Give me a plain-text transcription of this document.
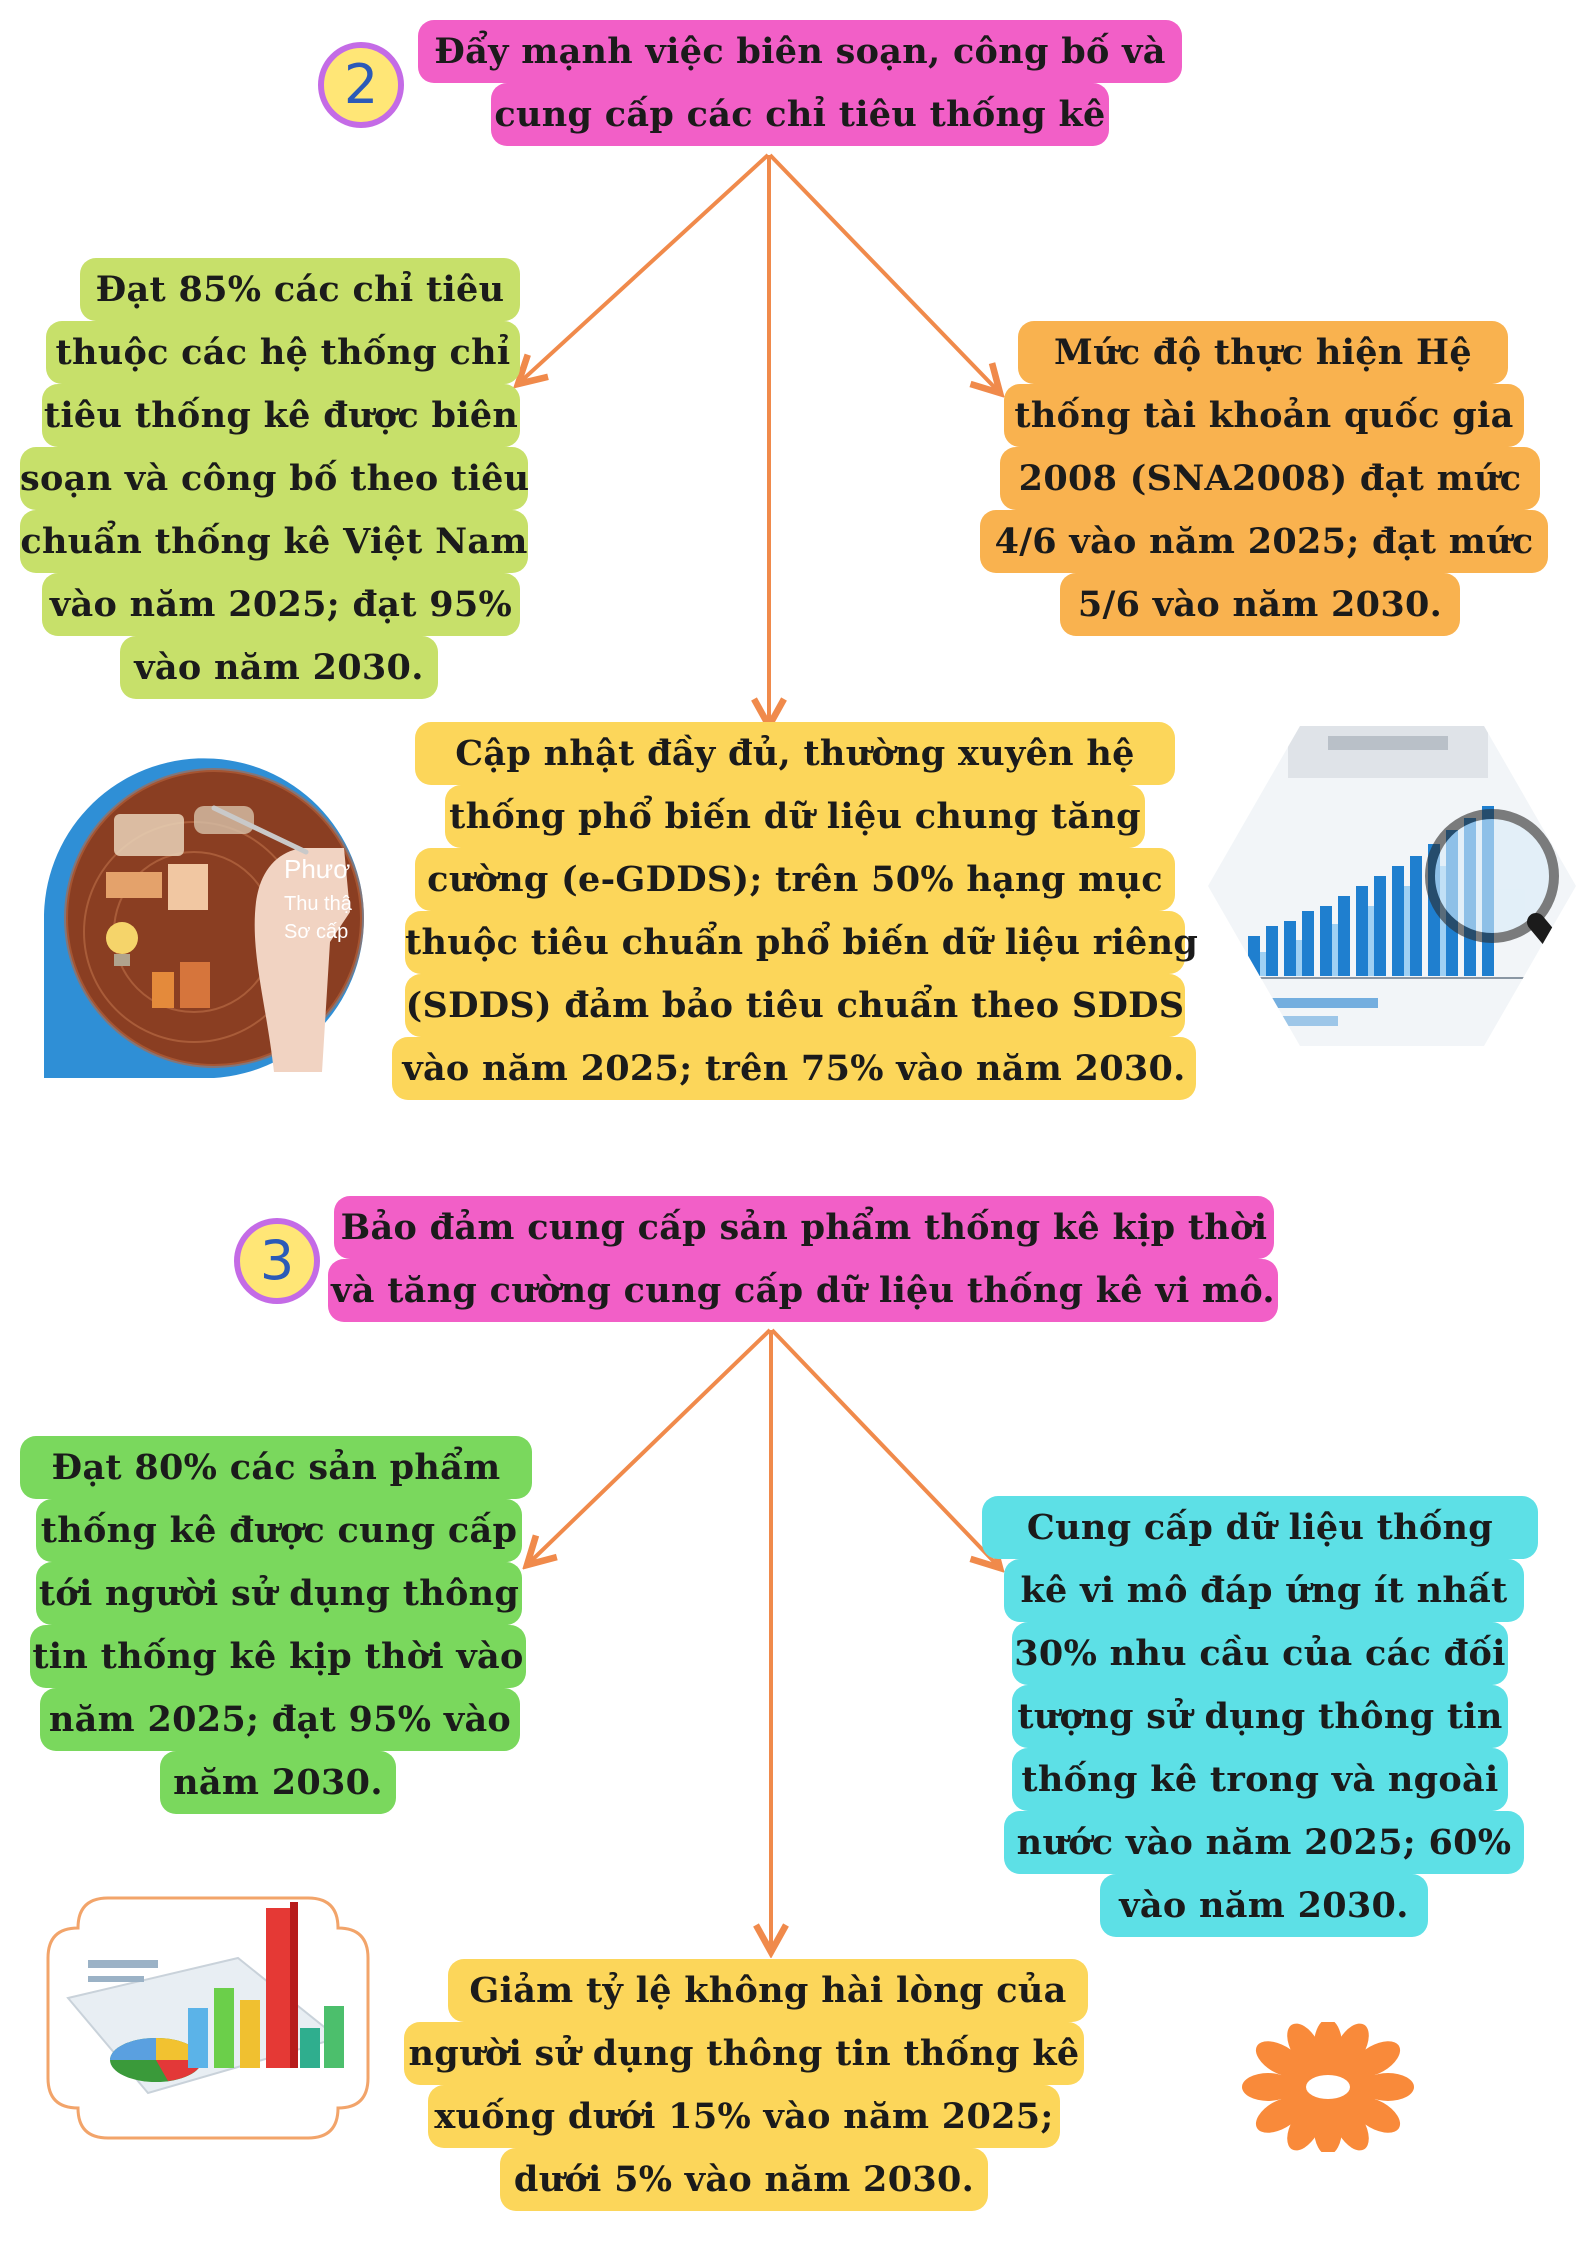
2
Đẩy mạnh việc biên soạn, công bố và
cung cấp các chỉ tiêu thống kê
Đạt 85% các chỉ tiêu
thuộc các hệ thống chỉ
tiêu thống kê được biên
soạn và công bố theo tiêu
chuẩn thống kê Việt Nam
vào năm 2025; đạt 95%
vào năm 2030.
Mức độ thực hiện Hệ
thống tài khoản quốc gia
2008 (SNA2008) đạt mức
4/6 vào năm 2025; đạt mức
5/6 vào năm 2030.
Cập nhật đầy đủ, thường xuyên hệ
thống phổ biến dữ liệu chung tăng
cường (e-GDDS); trên 50% hạng mục
thuộc tiêu chuẩn phổ biến dữ liệu riêng
(SDDS) đảm bảo tiêu chuẩn theo SDDS
vào năm 2025; trên 75% vào năm 2030.
Phươ
Thu thậ
Sơ cấp
3
Bảo đảm cung cấp sản phẩm thống kê kịp thời
và tăng cường cung cấp dữ liệu thống kê vi mô.
Đạt 80% các sản phẩm
thống kê được cung cấp
tới người sử dụng thông
tin thống kê kịp thời vào
năm 2025; đạt 95% vào
năm 2030.
Cung cấp dữ liệu thống
kê vi mô đáp ứng ít nhất
30% nhu cầu của các đối
tượng sử dụng thông tin
thống kê trong và ngoài
nước vào năm 2025; 60%
vào năm 2030.
Giảm tỷ lệ không hài lòng của
người sử dụng thông tin thống kê
xuống dưới 15% vào năm 2025;
dưới 5% vào năm 2030.
